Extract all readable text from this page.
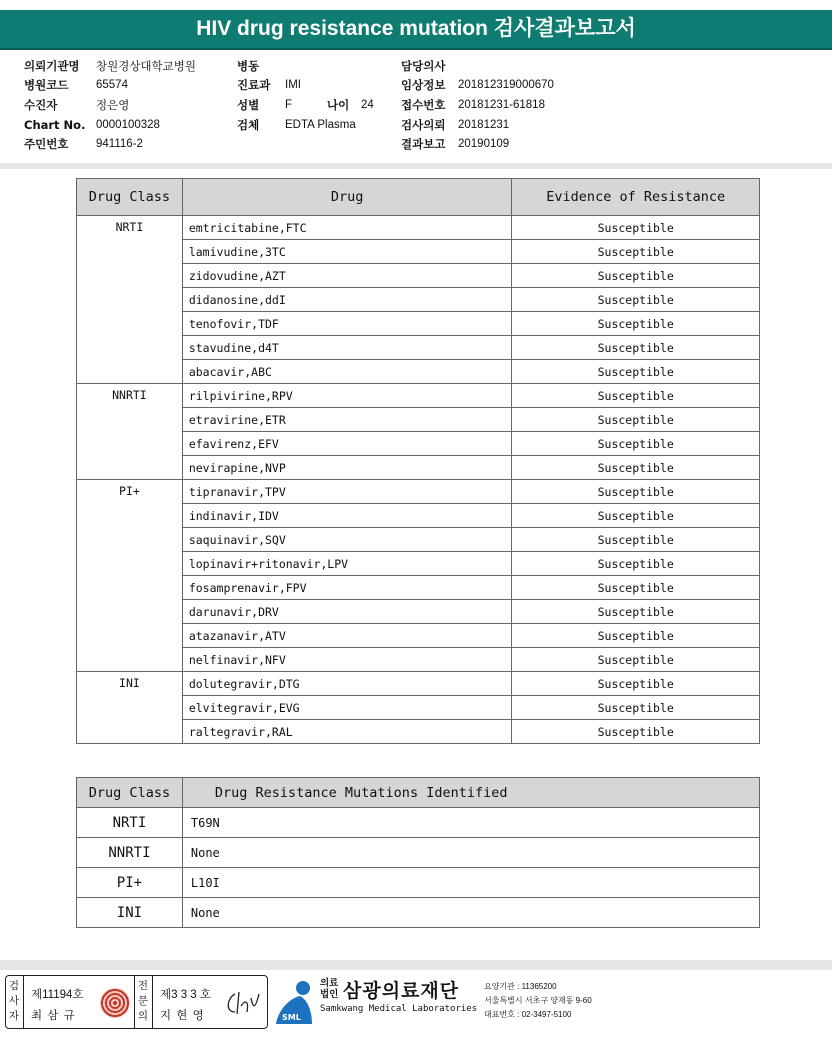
HIV drug resistance mutation 검사결과보고서
의뢰기관명	창원경상대학교병원
병원코드	65574
수진자	정은영
Chart No. 0000100328
주민번호	941116-2
병동
진료과	IMI
성별	F	나이	24
검체	EDTA Plasma
담당의사
임상정보	201812319000670
접수번호	20181231-61818
검사의뢰	20181231
결과보고	20190109
Drug Class	Drug	Evidence of Resistance
NRTI	emtricitabine,FTC	Susceptible
	lamivudine,3TC	Susceptible
	zidovudine,AZT	Susceptible
	didanosine,ddI	Susceptible
	tenofovir,TDF	Susceptible
	stavudine,d4T	Susceptible
	abacavir,ABC	Susceptible
NNRTI	rilpivirine,RPV	Susceptible
	etravirine,ETR	Susceptible
	efavirenz,EFV	Susceptible
	nevirapine,NVP	Susceptible
PI+	tipranavir,TPV	Susceptible
	indinavir,IDV	Susceptible
	saquinavir,SQV	Susceptible
	lopinavir+ritonavir,LPV	Susceptible
	fosamprenavir,FPV	Susceptible
	darunavir,DRV	Susceptible
	atazanavir,ATV	Susceptible
	nelfinavir,NFV	Susceptible
INI	dolutegravir,DTG	Susceptible
	elvitegravir,EVG	Susceptible
	raltegravir,RAL	Susceptible
Drug Class	Drug Resistance Mutations Identified
NRTI	T69N
NNRTI	None
PI+	L10I
INI	None
검사자
제11194호
최 삼 규
전문의
제3 3 3 호
지 현 영	SML
의료법인 삼광의료재단
Samkwang Medical Laboratories
요양기관 : 11365200
서울특별시 서초구 양재동 9-60
대표번호 : 02-3497-5100
